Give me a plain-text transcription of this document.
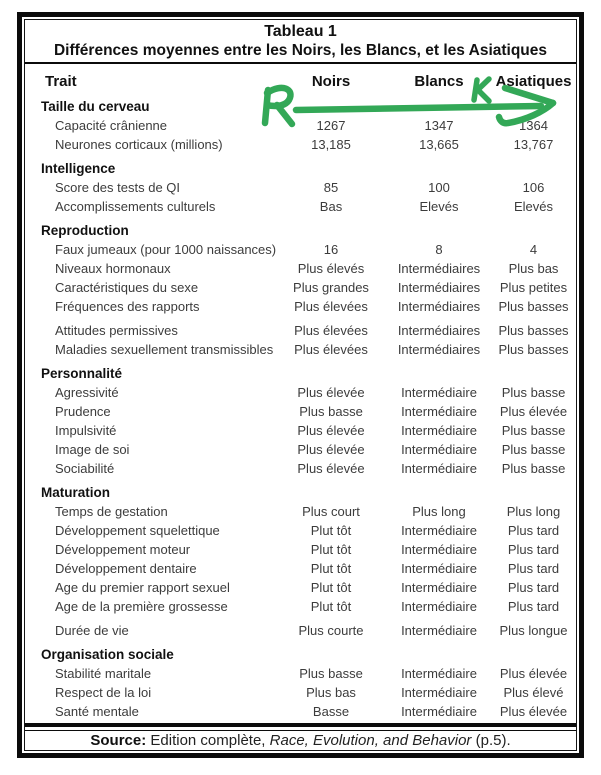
Tableau 1
Différences moyennes entre les Noirs, les Blancs, et les Asiatiques
Trait	Noirs	Blancs	Asiatiques
Taille du cerveau
Capacité crânienne	1267	1347	1364
Neurones corticaux (millions)	13,185	13,665	13,767
Intelligence
Score des tests de QI	85	100	106
Accomplissements culturels	Bas	Elevés	Elevés
Reproduction
Faux jumeaux (pour 1000 naissances)	16	8	4
Niveaux hormonaux	Plus élevés	Intermédiaires	Plus bas
Caractéristiques du sexe	Plus grandes	Intermédiaires	Plus petites
Fréquences des rapports	Plus élevées	Intermédiaires	Plus basses
Attitudes permissives	Plus élevées	Intermédiaires	Plus basses
Maladies sexuellement transmissibles	Plus élevées	Intermédiaires	Plus basses
Personnalité
Agressivité	Plus élevée	Intermédiaire	Plus basse
Prudence	Plus basse	Intermédiaire	Plus élevée
Impulsivité	Plus élevée	Intermédiaire	Plus basse
Image de soi	Plus élevée	Intermédiaire	Plus basse
Sociabilité	Plus élevée	Intermédiaire	Plus basse
Maturation
Temps de gestation	Plus court	Plus long	Plus long
Développement squelettique	Plut tôt	Intermédiaire	Plus tard
Développement moteur	Plut tôt	Intermédiaire	Plus tard
Développement dentaire	Plut tôt	Intermédiaire	Plus tard
Age du premier rapport sexuel	Plut tôt	Intermédiaire	Plus tard
Age de la première grossesse	Plut tôt	Intermédiaire	Plus tard
Durée de vie	Plus courte	Intermédiaire	Plus longue
Organisation sociale
Stabilité maritale	Plus basse	Intermédiaire	Plus élevée
Respect de la loi	Plus bas	Intermédiaire	Plus élevé
Santé mentale	Basse	Intermédiaire	Plus élevée
Source: Edition complète, Race, Evolution, and Behavior (p.5).
